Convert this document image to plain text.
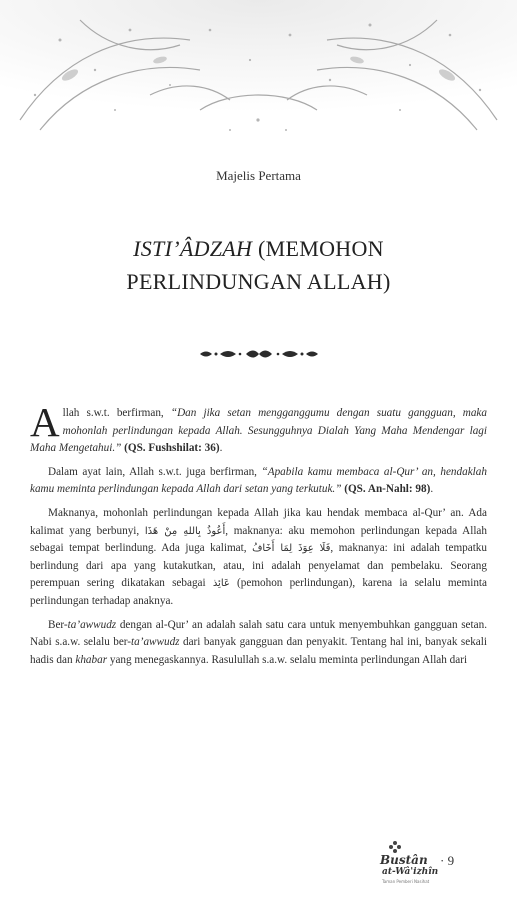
Majelis Pertama
ISTI’ÂDZAH (MEMOHON
PERLINDUNGAN ALLAH)

Allah s.w.t. berfirman, “Dan jika setan mengganggumu dengan suatu gangguan, maka mohonlah perlindungan kepada Allah. Sesungguhnya Dialah Yang Maha Mendengar lagi Maha Mengetahui.” (QS. Fushshilat: 36).

Dalam ayat lain, Allah s.w.t. juga berfirman, “Apabila kamu membaca al-Qur’ an, hendaklah kamu meminta perlindungan kepada Allah dari setan yang terkutuk.” (QS. An-Nahl: 98).

Maknanya, mohonlah perlindungan kepada Allah jika kau hendak membaca al-Qur’ an. Ada kalimat yang berbunyi, أَعُوذُ بِاللهِ مِنْ هَذَا, maknanya: aku memohon perlindungan kepada Allah sebagai tempat berlindung. Ada juga kalimat, فَلَا عِوَذَ لِمَا أَخَافُ, maknanya: ini adalah tempatku berlindung dari apa yang kutakutkan, atau, ini adalah penyelamat dan pembelaku. Seorang perempuan sering dikatakan sebagai عَائِذ (pemohon perlindungan), karena ia selalu meminta perlindungan terhadap anaknya.

Ber-ta’awwudz dengan al-Qur’ an adalah salah satu cara untuk menyembuhkan gangguan setan. Nabi s.a.w. selalu ber-ta’awwudz dari banyak gangguan dan penyakit. Tentang hal ini, banyak sekali hadis dan khabar yang menegaskannya. Rasulullah s.a.w. selalu meminta perlindungan Allah dari

Bustân
at-Wâ'izhîn
Taman Pemberi Nasihat
· 9
